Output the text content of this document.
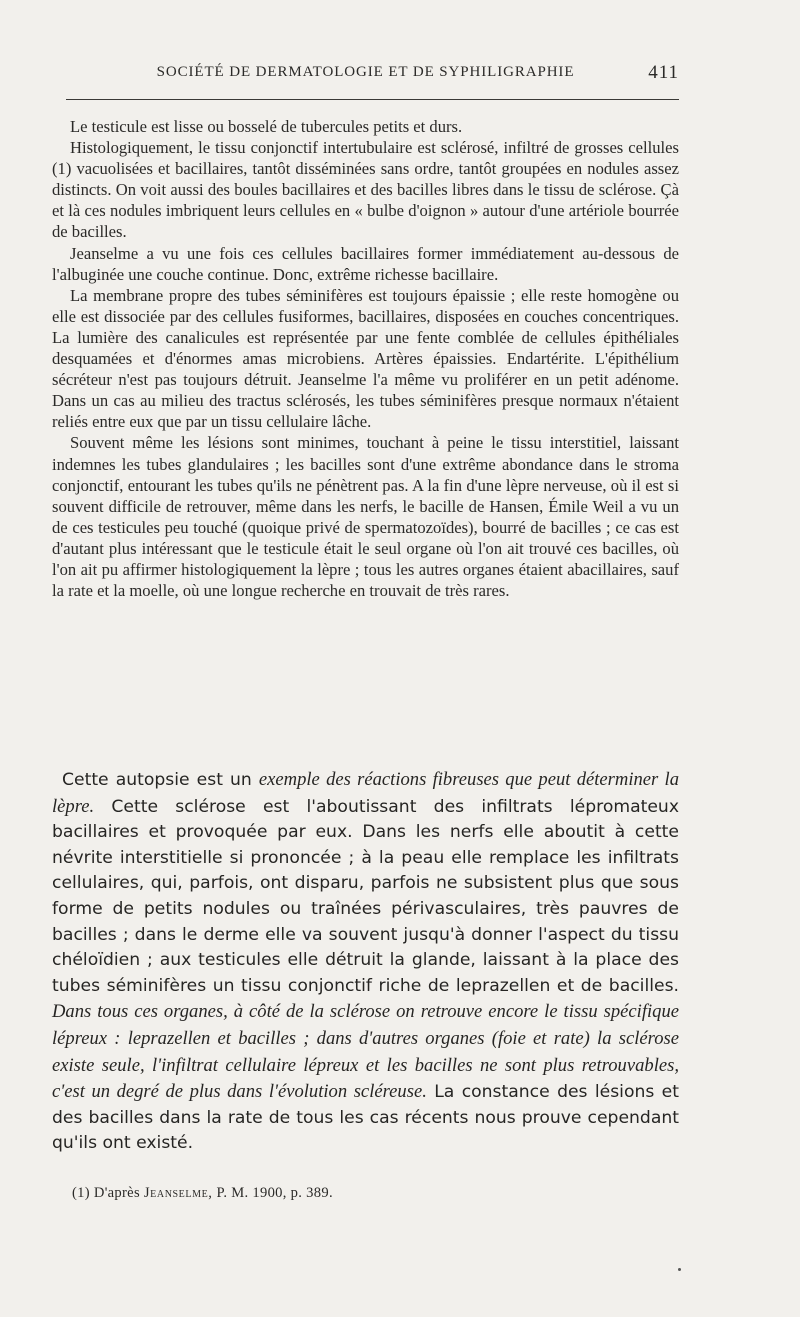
SOCIÉTÉ DE DERMATOLOGIE ET DE SYPHILIGRAPHIE	411

Le testicule est lisse ou bosselé de tubercules petits et durs.

Histologiquement, le tissu conjonctif intertubulaire est sclérosé, infiltré de grosses cellules (1) vacuolisées et bacillaires, tantôt disséminées sans ordre, tantôt groupées en nodules assez distincts. On voit aussi des boules bacillaires et des bacilles libres dans le tissu de sclérose. Çà et là ces nodules imbriquent leurs cellules en « bulbe d'oignon » autour d'une artériole bourrée de bacilles.

Jeanselme a vu une fois ces cellules bacillaires former immédiatement au-dessous de l'albuginée une couche continue. Donc, extrême richesse bacillaire.

La membrane propre des tubes séminifères est toujours épaissie ; elle reste homogène ou elle est dissociée par des cellules fusiformes, bacillaires, disposées en couches concentriques. La lumière des canalicules est représentée par une fente comblée de cellules épithéliales desquamées et d'énormes amas microbiens. Artères épaissies. Endartérite. L'épithélium sécréteur n'est pas toujours détruit. Jeanselme l'a même vu proliférer en un petit adénome. Dans un cas au milieu des tractus sclérosés, les tubes séminifères presque normaux n'étaient reliés entre eux que par un tissu cellulaire lâche.

Souvent même les lésions sont minimes, touchant à peine le tissu interstitiel, laissant indemnes les tubes glandulaires ; les bacilles sont d'une extrême abondance dans le stroma conjonctif, entourant les tubes qu'ils ne pénètrent pas. A la fin d'une lèpre nerveuse, où il est si souvent difficile de retrouver, même dans les nerfs, le bacille de Hansen, Émile Weil a vu un de ces testicules peu touché (quoique privé de spermatozoïdes), bourré de bacilles ; ce cas est d'autant plus intéressant que le testicule était le seul organe où l'on ait trouvé ces bacilles, où l'on ait pu affirmer histologiquement la lèpre ; tous les autres organes étaient abacillaires, sauf la rate et la moelle, où une longue recherche en trouvait de très rares.

Cette autopsie est un exemple des réactions fibreuses que peut déterminer la lèpre. Cette sclérose est l'aboutissant des infiltrats lépromateux bacillaires et provoquée par eux. Dans les nerfs elle aboutit à cette névrite interstitielle si prononcée ; à la peau elle remplace les infiltrats cellulaires, qui, parfois, ont disparu, parfois ne subsistent plus que sous forme de petits nodules ou traînées périvasculaires, très pauvres de bacilles ; dans le derme elle va souvent jusqu'à donner l'aspect du tissu chéloïdien ; aux testicules elle détruit la glande, laissant à la place des tubes séminifères un tissu conjonctif riche de leprazellen et de bacilles. Dans tous ces organes, à côté de la sclérose on retrouve encore le tissu spécifique lépreux : leprazellen et bacilles ; dans d'autres organes (foie et rate) la sclérose existe seule, l'infiltrat cellulaire lépreux et les bacilles ne sont plus retrouvables, c'est un degré de plus dans l'évolution scléreuse. La constance des lésions et des bacilles dans la rate de tous les cas récents nous prouve cependant qu'ils ont existé.

(1) D'après Jeanselme, P. M. 1900, p. 389.
